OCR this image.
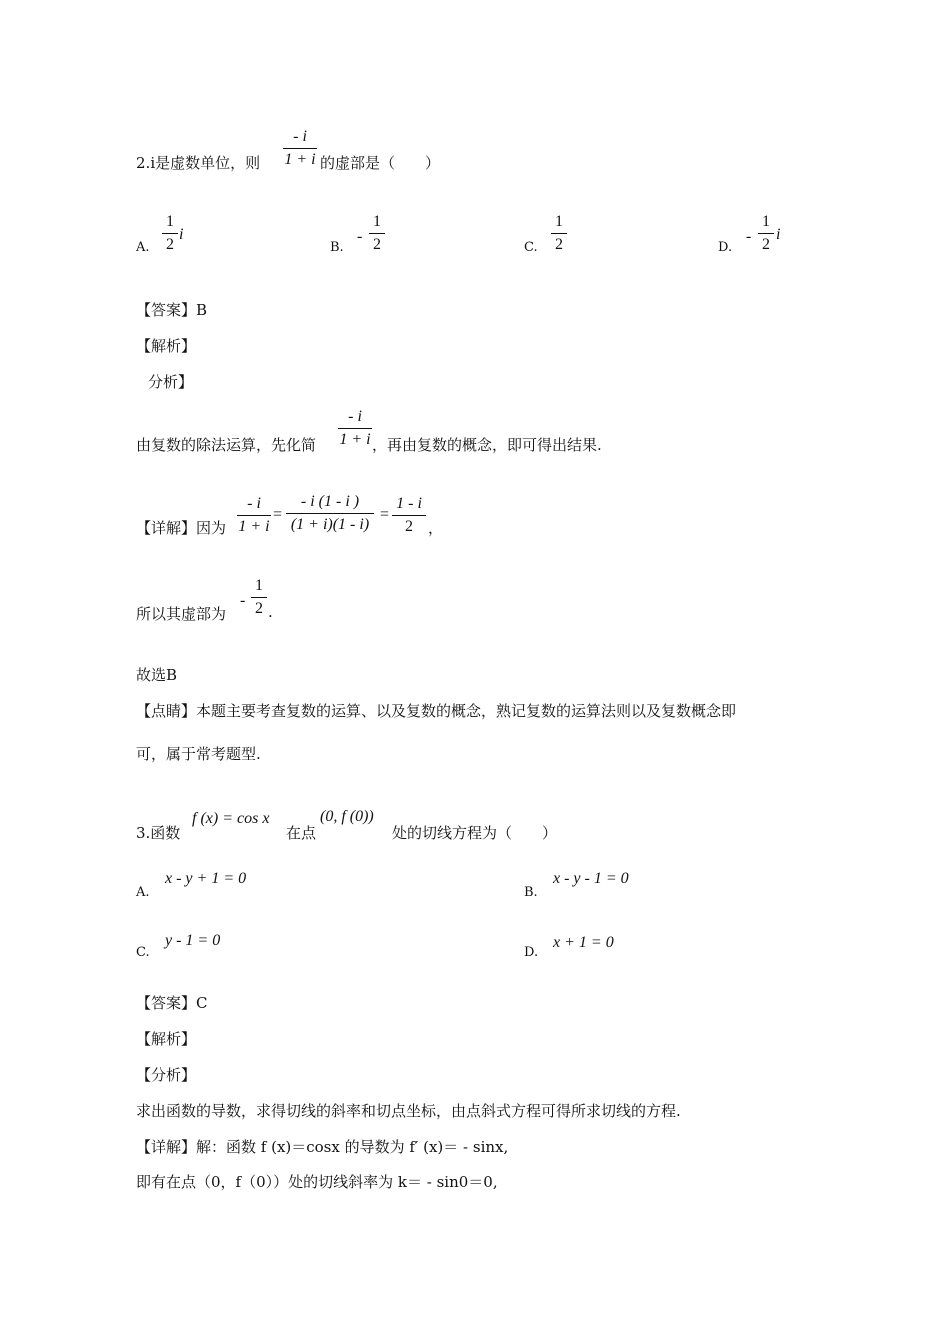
2.i是虚数单位，则
- i
1 + i 的虚部是（　　）
A.
1
2
i
B.
-
1
2	C.
1
2	D.
-
1
2
i
【答案】B
【解析】
分析】
由复数的除法运算，先化简
- i
1 + i ，再由复数的概念，即可得出结果.
【详解】因为
- i
1 + i
=
- i (1 - i )
(1 + i)(1 - i)
=
1 - i
2	，
所以其虚部为
-
1
2 .
故选B
【点睛】本题主要考查复数的运算、以及复数的概念，熟记复数的运算法则以及复数概念即
可，属于常考题型.
3.函数
f (x) = cos x
在点
(0, f (0))
处的切线方程为（　　）
A.
x - y + 1 = 0
B.
x - y - 1 = 0
C.
y - 1 = 0
D.
x + 1 = 0
【答案】C
【解析】
【分析】
求出函数的导数，求得切线的斜率和切点坐标，由点斜式方程可得所求切线的方程.
【详解】解：函数 f (x)＝cosx 的导数为 f′ (x)＝ - sinx,
即有在点（0，f（0））处的切线斜率为 k＝ - sin0＝0,
